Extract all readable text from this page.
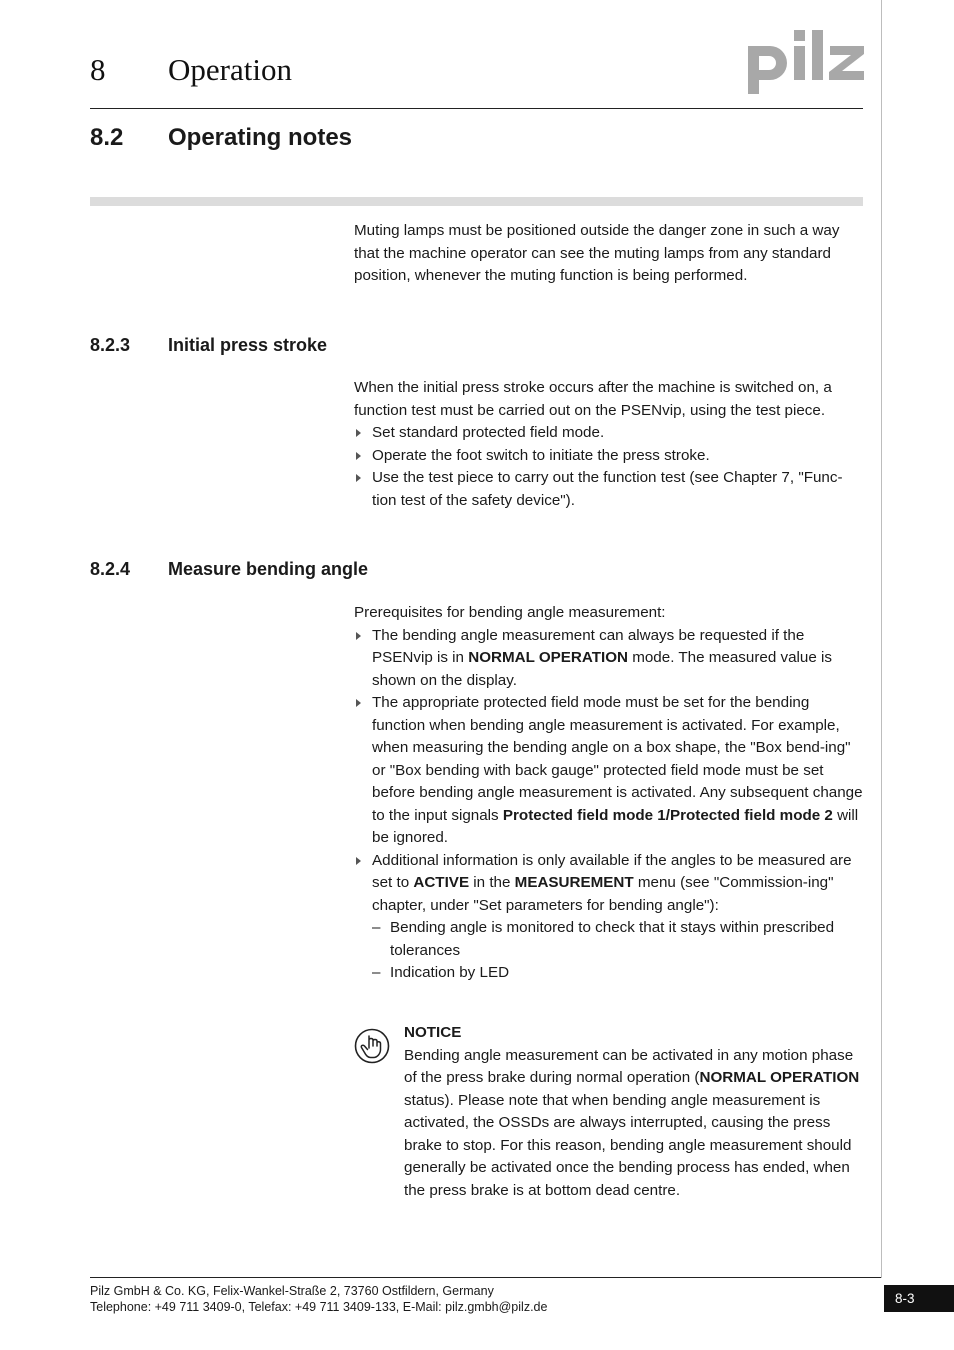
8 Operation
pilz
8.2 Operating notes

Muting lamps must be positioned outside the danger zone in such a way that the machine operator can see the muting lamps from any standard position, whenever the muting function is being performed.

8.2.3 Initial press stroke

When the initial press stroke occurs after the machine is switched on, a function test must be carried out on the PSENvip, using the test piece.

Set standard protected field mode.
Operate the foot switch to initiate the press stroke.
Use the test piece to carry out the function test (see Chapter 7, "Func-tion test of the safety device").
8.2.4 Measure bending angle

Prerequisites for bending angle measurement:

The bending angle measurement can always be requested if the PSENvip is in NORMAL OPERATION mode. The measured value is shown on the display.
The appropriate protected field mode must be set for the bending function when bending angle measurement is activated. For example, when measuring the bending angle on a box shape, the "Box bend-ing" or "Box bending with back gauge" protected field mode must be set before bending angle measurement is activated. Any subsequent change to the input signals Protected field mode 1/Protected field mode 2 will be ignored.
Additional information is only available if the angles to be measured are set to ACTIVE in the MEASUREMENT menu (see "Commission-ing" chapter, under "Set parameters for bending angle"):
– Bending angle is monitored to check that it stays within prescribed tolerances
– Indication by LED

NOTICE

Bending angle measurement can be activated in any motion phase of the press brake during normal operation (NORMAL OPERATION status). Please note that when bending angle measurement is activated, the OSSDs are always interrupted, causing the press brake to stop. For this reason, bending angle measurement should generally be activated once the bending process has ended, when the press brake is at bottom dead centre.

Pilz GmbH & Co. KG, Felix-Wankel-Straße 2, 73760 Ostfildern, Germany

Telephone: +49 711 3409-0, Telefax: +49 711 3409-133, E-Mail: pilz.gmbh@pilz.de

8-3
